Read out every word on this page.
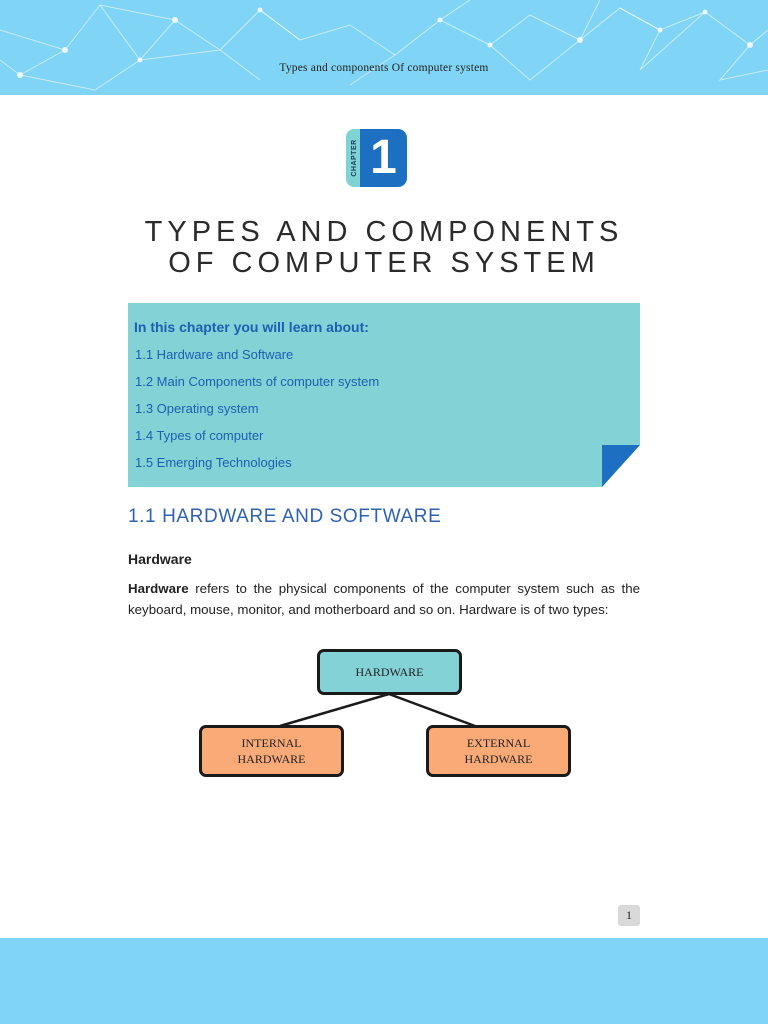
Types and components Of computer system
CHAPTER 1
TYPES AND COMPONENTS
OF COMPUTER SYSTEM
In this chapter you will learn about:
1.1 Hardware and Software
1.2 Main Components of computer system
1.3 Operating system
1.4 Types of computer
1.5 Emerging Technologies
1.1 HARDWARE AND SOFTWARE
Hardware
Hardware refers to the physical components of the computer system such as the keyboard, mouse, monitor, and motherboard and so on. Hardware is of two types:
HARDWARE
INTERNAL
HARDWARE
EXTERNAL
HARDWARE
1
